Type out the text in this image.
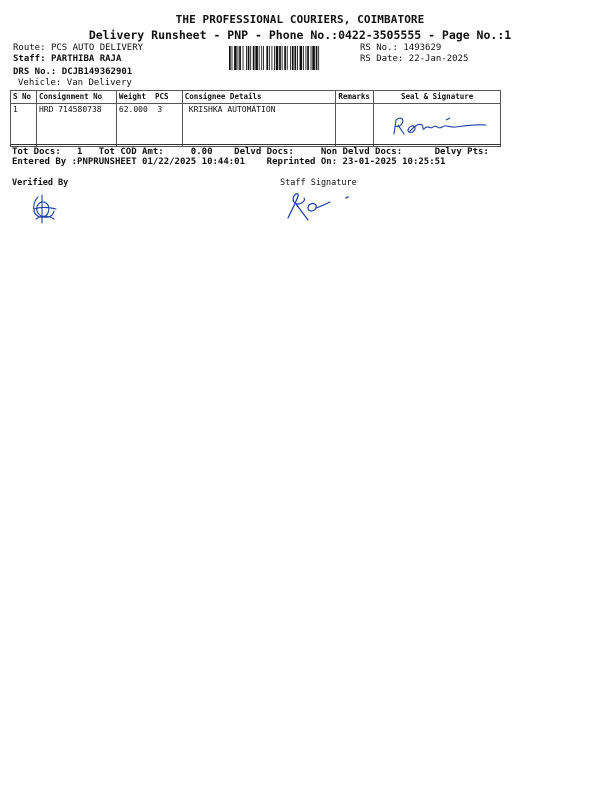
THE PROFESSIONAL COURIERS, COIMBATORE
Delivery Runsheet - PNP - Phone No.:0422-3505555 - Page No.:1
Route: PCS AUTO DELIVERY
Staff: PARTHIBA RAJA
DRS No.: DCJB149362901
Vehicle: Van Delivery
RS No.: 1493629
RS Date: 22-Jan-2025
S No	Consignment No	Weight  PCS	Consignee Details	Remarks	Seal & Signature
1	HRD 714580738	62.000  3	KRISHKA AUTOMATION		
Tot Docs:   1   Tot COD Amt:     0.00    Delvd Docs:     Non Delvd Docs:      Delvy Pts:
Entered By :PNPRUNSHEET 01/22/2025 10:44:01    Reprinted On: 23-01-2025 10:25:51
Verified By	Staff Signature
